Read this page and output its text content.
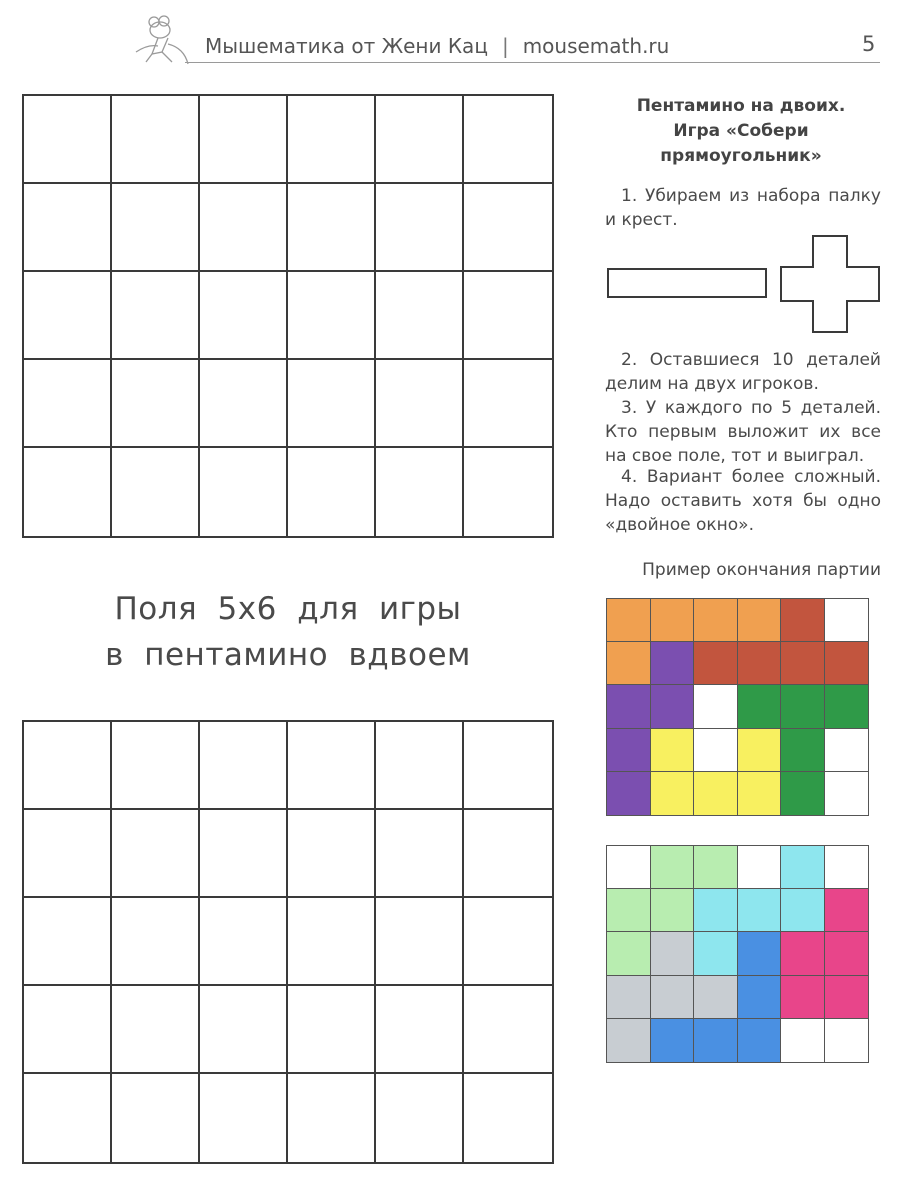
Мышематика от Жени Кац | mousemath.ru	5
Поля 5х6 для игры
в пентамино вдвоем
Пентамино на двоих.
Игра «Собери
прямоугольник»
1. Убираем из набора палку и крест.
2. Оставшиеся 10 деталей делим на двух игроков.
3. У каждого по 5 деталей. Кто первым выложит их все на свое поле, тот и выиграл.
4. Вариант более сложный. Надо оставить хотя бы одно «двойное окно».
Пример окончания партии
